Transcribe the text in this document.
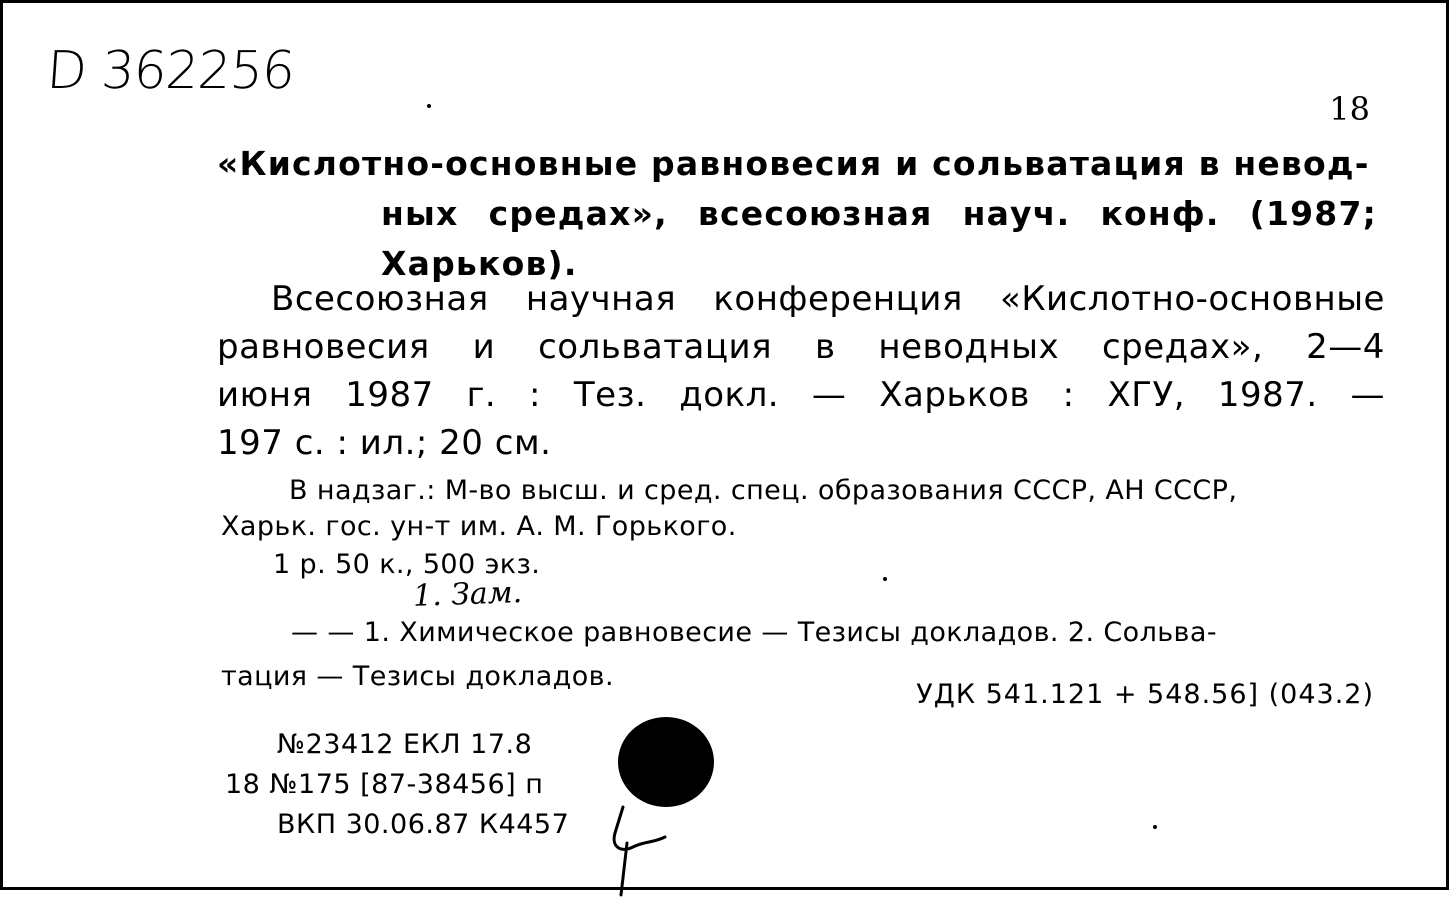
D 362256
18
«Кислотно-основные равнoвесия и сольватация в невод-
ных средах», всесоюзная науч. конф. (1987;
Харьков).
Всесоюзная научная конференция «Кислотно-основные
равновесия и сольватация в неводных средах», 2—4
июня 1987 г. : Тез. докл. — Харьков : ХГУ, 1987. —
197 с. : ил.; 20 см.
В надзаг.: М-во высш. и сред. спец. образования СССР, АН СССР,
Харьк. гос. ун-т им. А. М. Горького.
1 р. 50 к., 500 экз.
1. Зам.
— — 1. Химическое равновесие — Тезисы докладов. 2. Сольва-
тация — Тезисы докладов.
УДК 541.121 + 548.56] (043.2)
№23412 ЕКЛ 17.8
18 №175 [87-38456] п
ВКП 30.06.87 К4457
